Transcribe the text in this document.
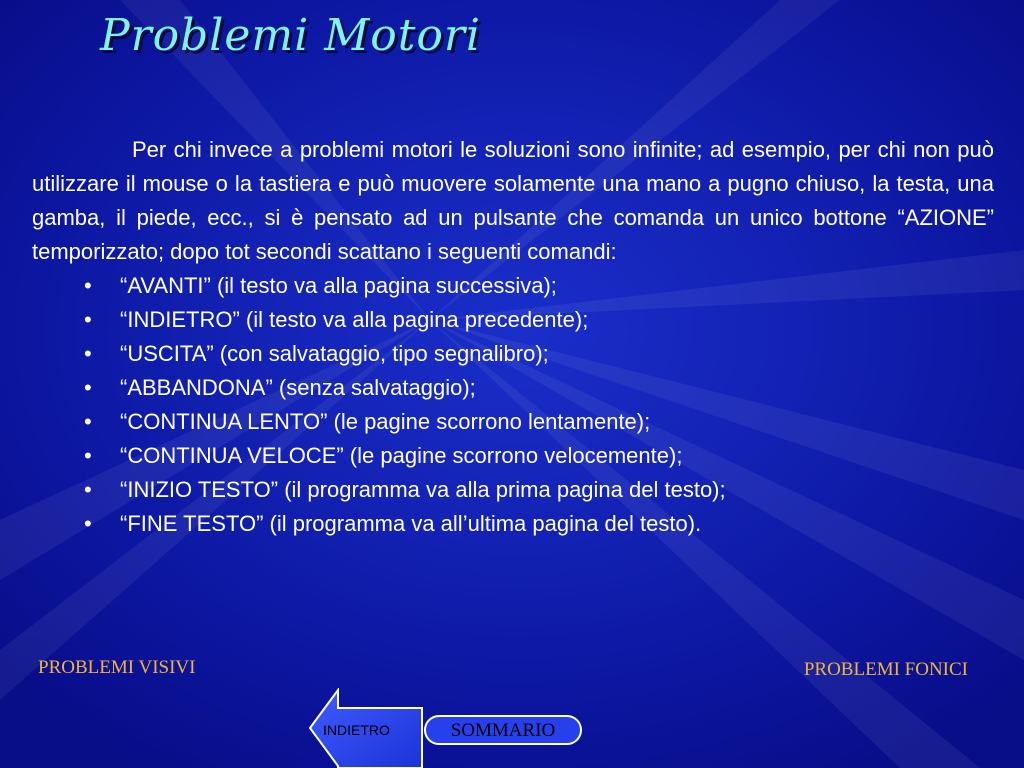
Problemi Motori

Per chi invece a problemi motori le soluzioni sono infinite; ad esempio, per chi non può utilizzare il mouse o la tastiera e può muovere solamente una mano a pugno chiuso, la testa, una gamba, il piede, ecc., si è pensato ad un pulsante che comanda un unico bottone “AZIONE” temporizzato; dopo tot secondi scattano i seguenti comandi:

• “AVANTI” (il testo va alla pagina successiva);
• “INDIETRO” (il testo va alla pagina precedente);
• “USCITA” (con salvataggio, tipo segnalibro);
• “ABBANDONA” (senza salvataggio);
• “CONTINUA LENTO” (le pagine scorrono lentamente);
• “CONTINUA VELOCE” (le pagine scorrono velocemente);
• “INIZIO TESTO” (il programma va alla prima pagina del testo);
• “FINE TESTO” (il programma va all’ultima pagina del testo).
PROBLEMI VISIVI	PROBLEMI FONICI
INDIETRO	SOMMARIO
